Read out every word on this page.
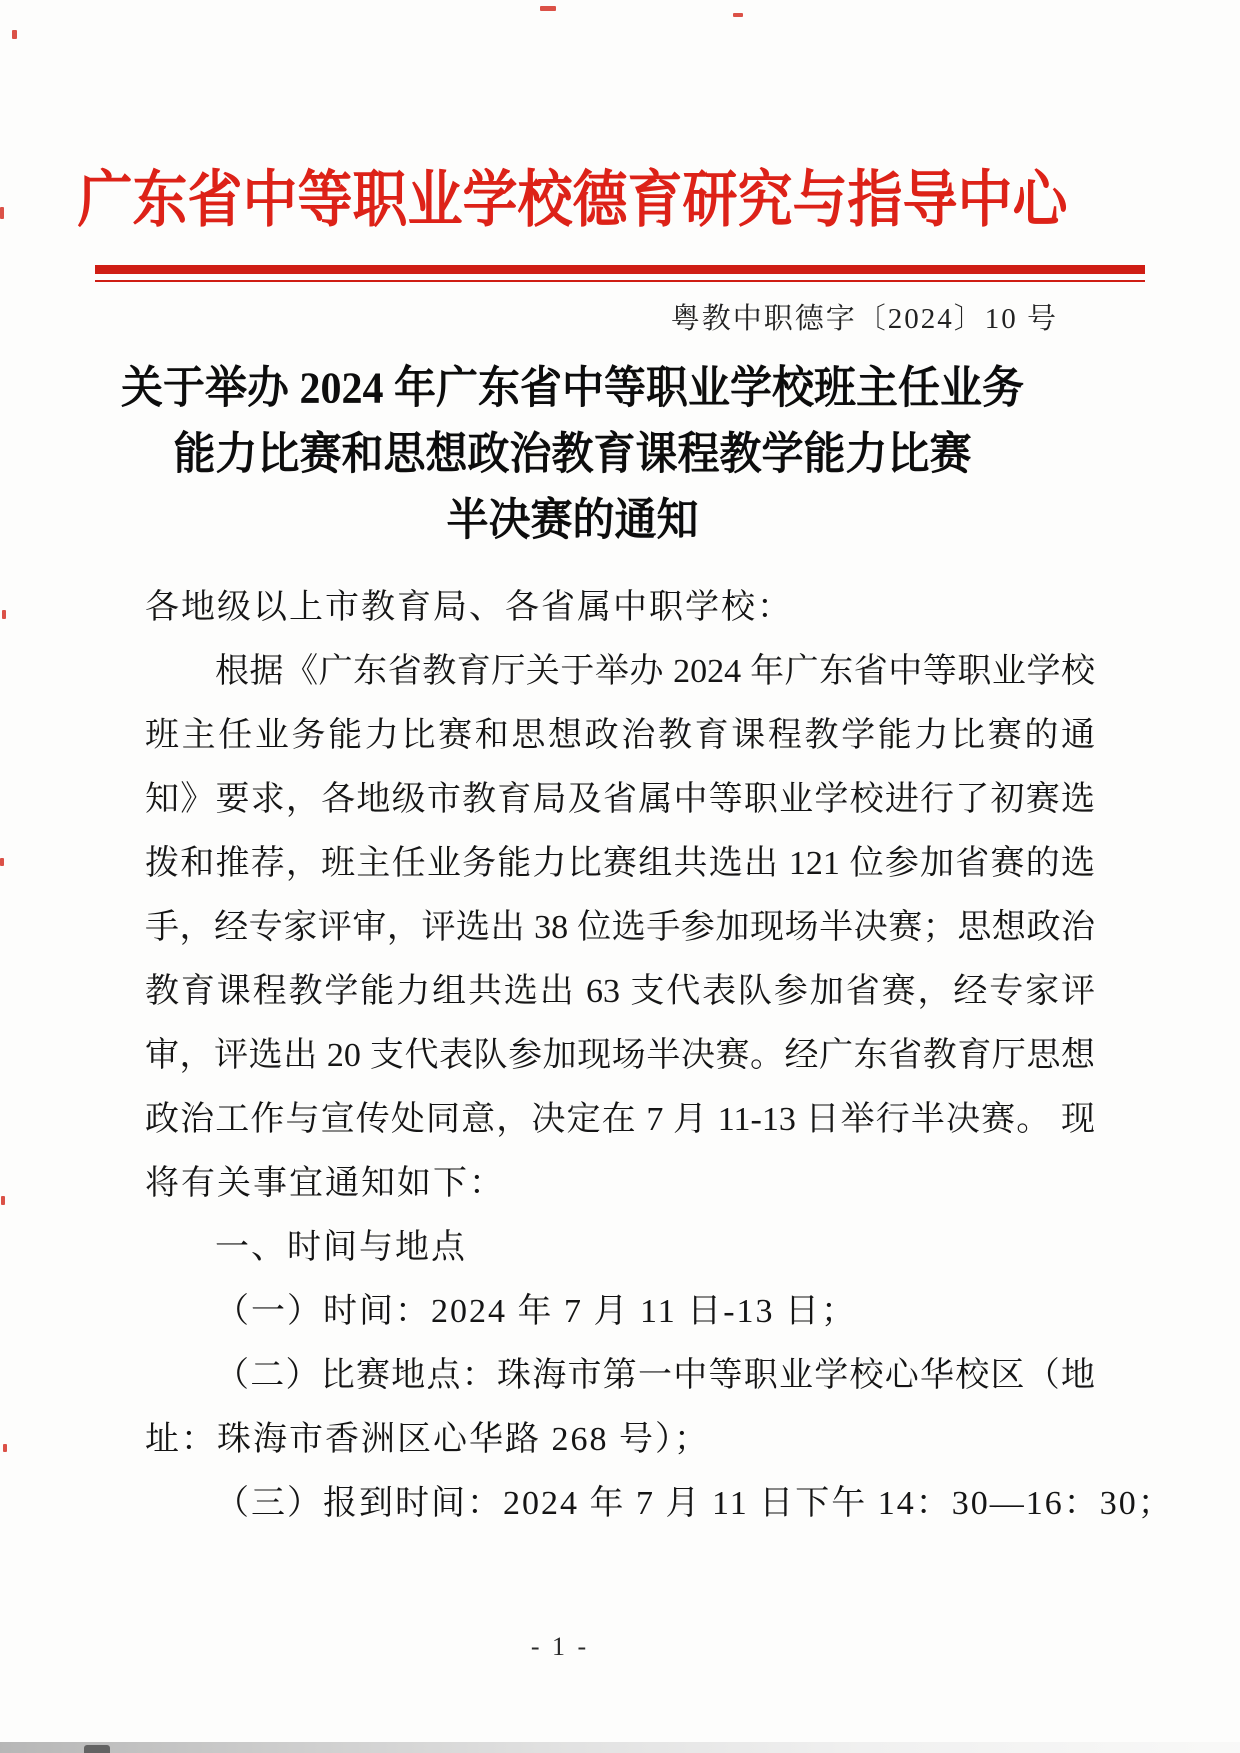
广东省中等职业学校德育研究与指导中心
粤教中职德字〔2024〕10 号
关于举办 2024 年广东省中等职业学校班主任业务
能力比赛和思想政治教育课程教学能力比赛
半决赛的通知
各地级以上市教育局、各省属中职学校：
根据《广东省教育厅关于举办 2024 年广东省中等职业学校
班主任业务能力比赛和思想政治教育课程教学能力比赛的通
知》要求，各地级市教育局及省属中等职业学校进行了初赛选
拨和推荐，班主任业务能力比赛组共选出 121 位参加省赛的选
手，经专家评审，评选出 38 位选手参加现场半决赛；思想政治
教育课程教学能力组共选出 63 支代表队参加省赛，经专家评
审，评选出 20 支代表队参加现场半决赛。经广东省教育厅思想
政治工作与宣传处同意，决定在 7 月 11-13 日举行半决赛。 现
将有关事宜通知如下：
一、时间与地点
（一）时间：2024 年 7 月 11 日-13 日；
（二）比赛地点：珠海市第一中等职业学校心华校区（地
址：珠海市香洲区心华路 268 号）；
（三）报到时间：2024 年 7 月 11 日下午 14：30—16：30；
- 1 -
